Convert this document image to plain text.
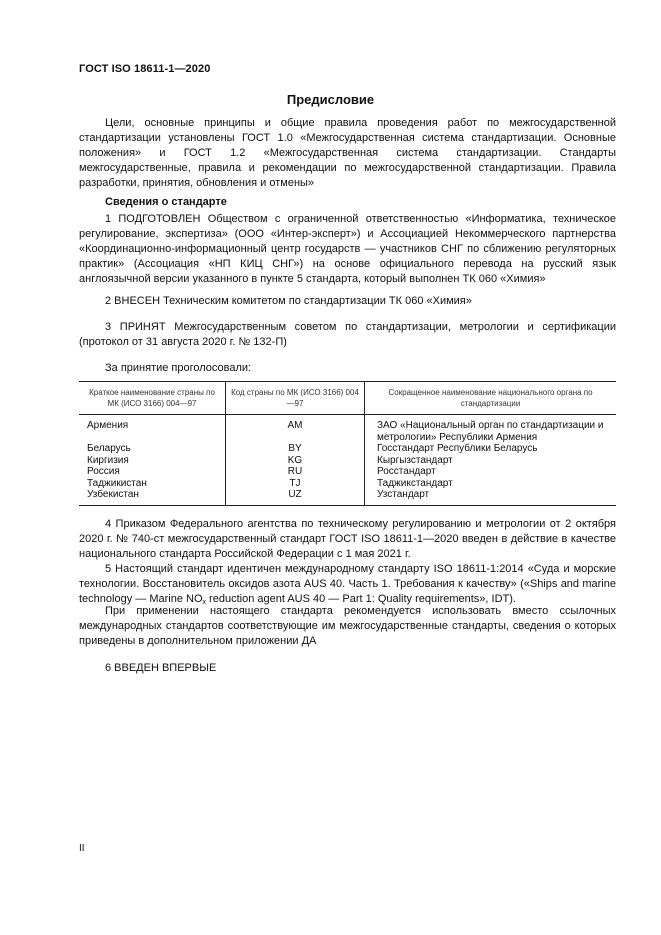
ГОСТ ISO 18611-1—2020
Предисловие

Цели, основные принципы и общие правила проведения работ по межгосударственной стандартизации установлены ГОСТ 1.0 «Межгосударственная система стандартизации. Основные положения» и ГОСТ 1.2 «Межгосударственная система стандартизации. Стандарты межгосударственные, правила и рекомендации по межгосударственной стандартизации. Правила разработки, принятия, обновления и отмены»

Сведения о стандарте

1 ПОДГОТОВЛЕН Обществом с ограниченной ответственностью «Информатика, техническое регулирование, экспертиза» (ООО «Интер-эксперт») и Ассоциацией Некоммерческого партнерства «Координационно-информационный центр государств — участников СНГ по сближению регуляторных практик» (Ассоциация «НП КИЦ СНГ») на основе официального перевода на русский язык англоязычной версии указанного в пункте 5 стандарта, который выполнен ТК 060 «Химия»

2 ВНЕСЕН Техническим комитетом по стандартизации ТК 060 «Химия»

3 ПРИНЯТ Межгосударственным советом по стандартизации, метрологии и сертификации (протокол от 31 августа 2020 г. № 132-П)

За принятие проголосовали:

Краткое наименование страны по МК (ИСО 3166) 004—97	Код страны по МК (ИСО 3166) 004—97	Сокращенное наименование национального органа по стандартизации
Армения	AM	ЗАО «Национальный орган по стандартизации и метрологии» Республики Армения
Беларусь	BY	Госстандарт Республики Беларусь
Киргизия	KG	Кыргызстандарт
Россия	RU	Росстандарт
Таджикистан	TJ	Таджикстандарт
Узбекистан	UZ	Узстандарт

4 Приказом Федерального агентства по техническому регулированию и метрологии от 2 октября 2020 г. № 740-ст межгосударственный стандарт ГОСТ ISO 18611-1—2020 введен в действие в качестве национального стандарта Российской Федерации с 1 мая 2021 г.

5 Настоящий стандарт идентичен международному стандарту ISO 18611-1:2014 «Суда и морские технологии. Восстановитель оксидов азота AUS 40. Часть 1. Требования к качеству» («Ships and marine technology — Marine $NO_x$ reduction agent AUS 40 — Part 1: Quality requirements», IDT).

При применении настоящего стандарта рекомендуется использовать вместо ссылочных международных стандартов соответствующие им межгосударственные стандарты, сведения о которых приведены в дополнительном приложении ДА

6 ВВЕДЕН ВПЕРВЫЕ

II
